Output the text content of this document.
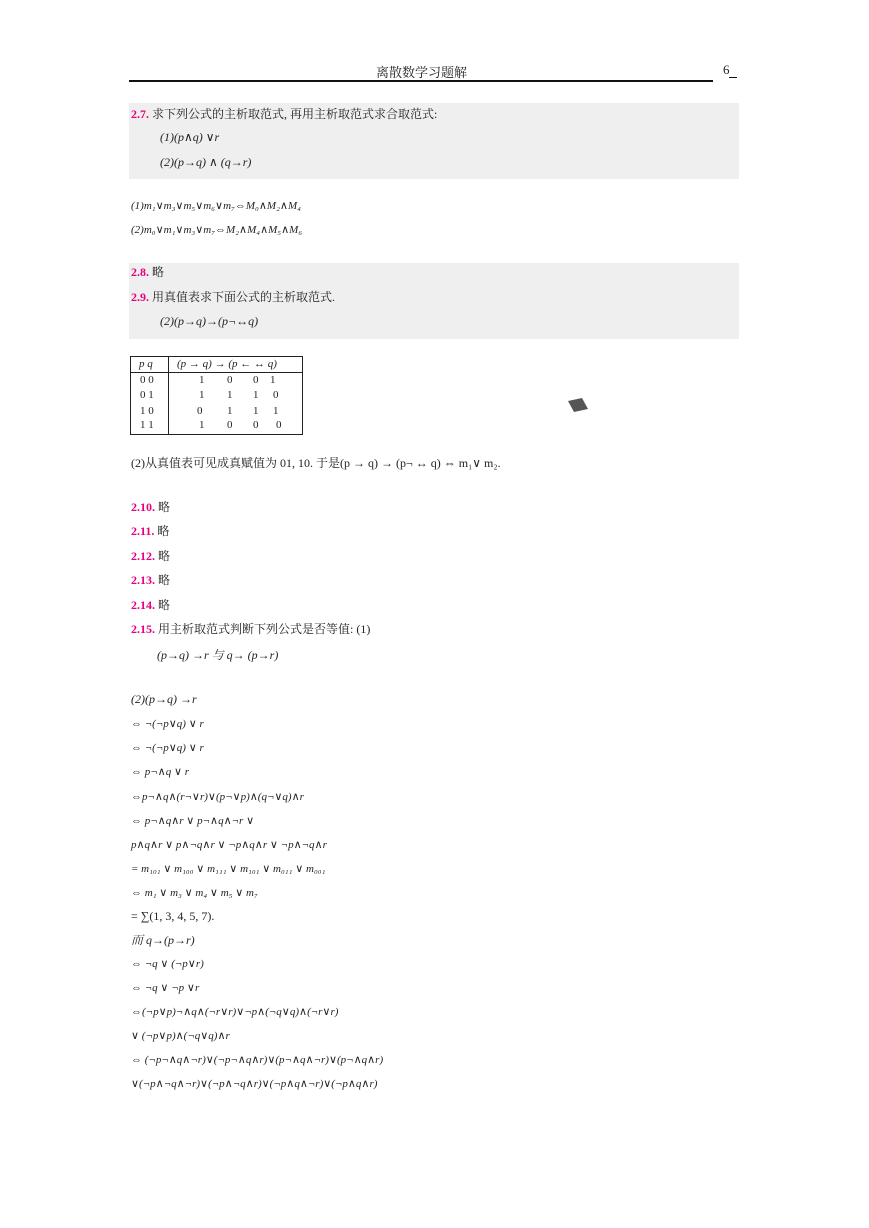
离散数学习题解	6
2.7. 求下列公式的主析取范式, 再用主析取范式求合取范式:
(1)(p∧q) ∨r
(2)(p→q) ∧ (q→r)
(1)m₁∨m₃∨m₅∨m₆∨m₇⇔M₀∧M₂∧M₄
(2)m₀∨m₁∨m₃∨m₇⇔M₂∧M₄∧M₅∧M₆
2.8. 略
2.9. 用真值表求下面公式的主析取范式.
(2)(p→q)→(p¬↔q)
p q (p → q) → (p ← ↔ q)
0 0	1 0 0 1
0 1	1 1 1 0
1 0	0 1 1 1
1 1	1 0 0 0
(2)从真值表可见成真赋值为 01, 10. 于是(p → q) → (p¬ ↔ q) ⇔ m₁∨ m₂.
2.10. 略
2.11. 略
2.12. 略
2.13. 略
2.14. 略
2.15. 用主析取范式判断下列公式是否等值: (1)
(p→q) →r 与 q→ (p→r)
(2)(p→q) →r
⇔ ¬(¬p∨q) ∨ r
⇔ ¬(¬p∨q) ∨ r
⇔ p¬∧q ∨ r
⇔p¬∧q∧(r¬∨r)∨(p¬∨p)∧(q¬∨q)∧r
⇔ p¬∧q∧r ∨ p¬∧q∧¬r ∨
p∧q∧r ∨ p∧¬q∧r ∨ ¬p∧q∧r ∨ ¬p∧¬q∧r
= m₁₀₁ ∨ m₁₀₀ ∨ m₁₁₁ ∨ m₁₀₁ ∨ m₀₁₁ ∨ m₀₀₁
⇔ m₁ ∨ m₃ ∨ m₄ ∨ m₅ ∨ m₇
= ∑(1, 3, 4, 5, 7).
而 q→(p→r)
⇔ ¬q ∨ (¬p∨r)
⇔ ¬q ∨ ¬p ∨r
⇔(¬p∨p)¬∧q∧(¬r∨r)∨¬p∧(¬q∨q)∧(¬r∨r)
∨ (¬p∨p)∧(¬q∨q)∧r
⇔ (¬p¬∧q∧¬r)∨(¬p¬∧q∧r)∨(p¬∧q∧¬r)∨(p¬∧q∧r)
∨(¬p∧¬q∧¬r)∨(¬p∧¬q∧r)∨(¬p∧q∧¬r)∨(¬p∧q∧r)
